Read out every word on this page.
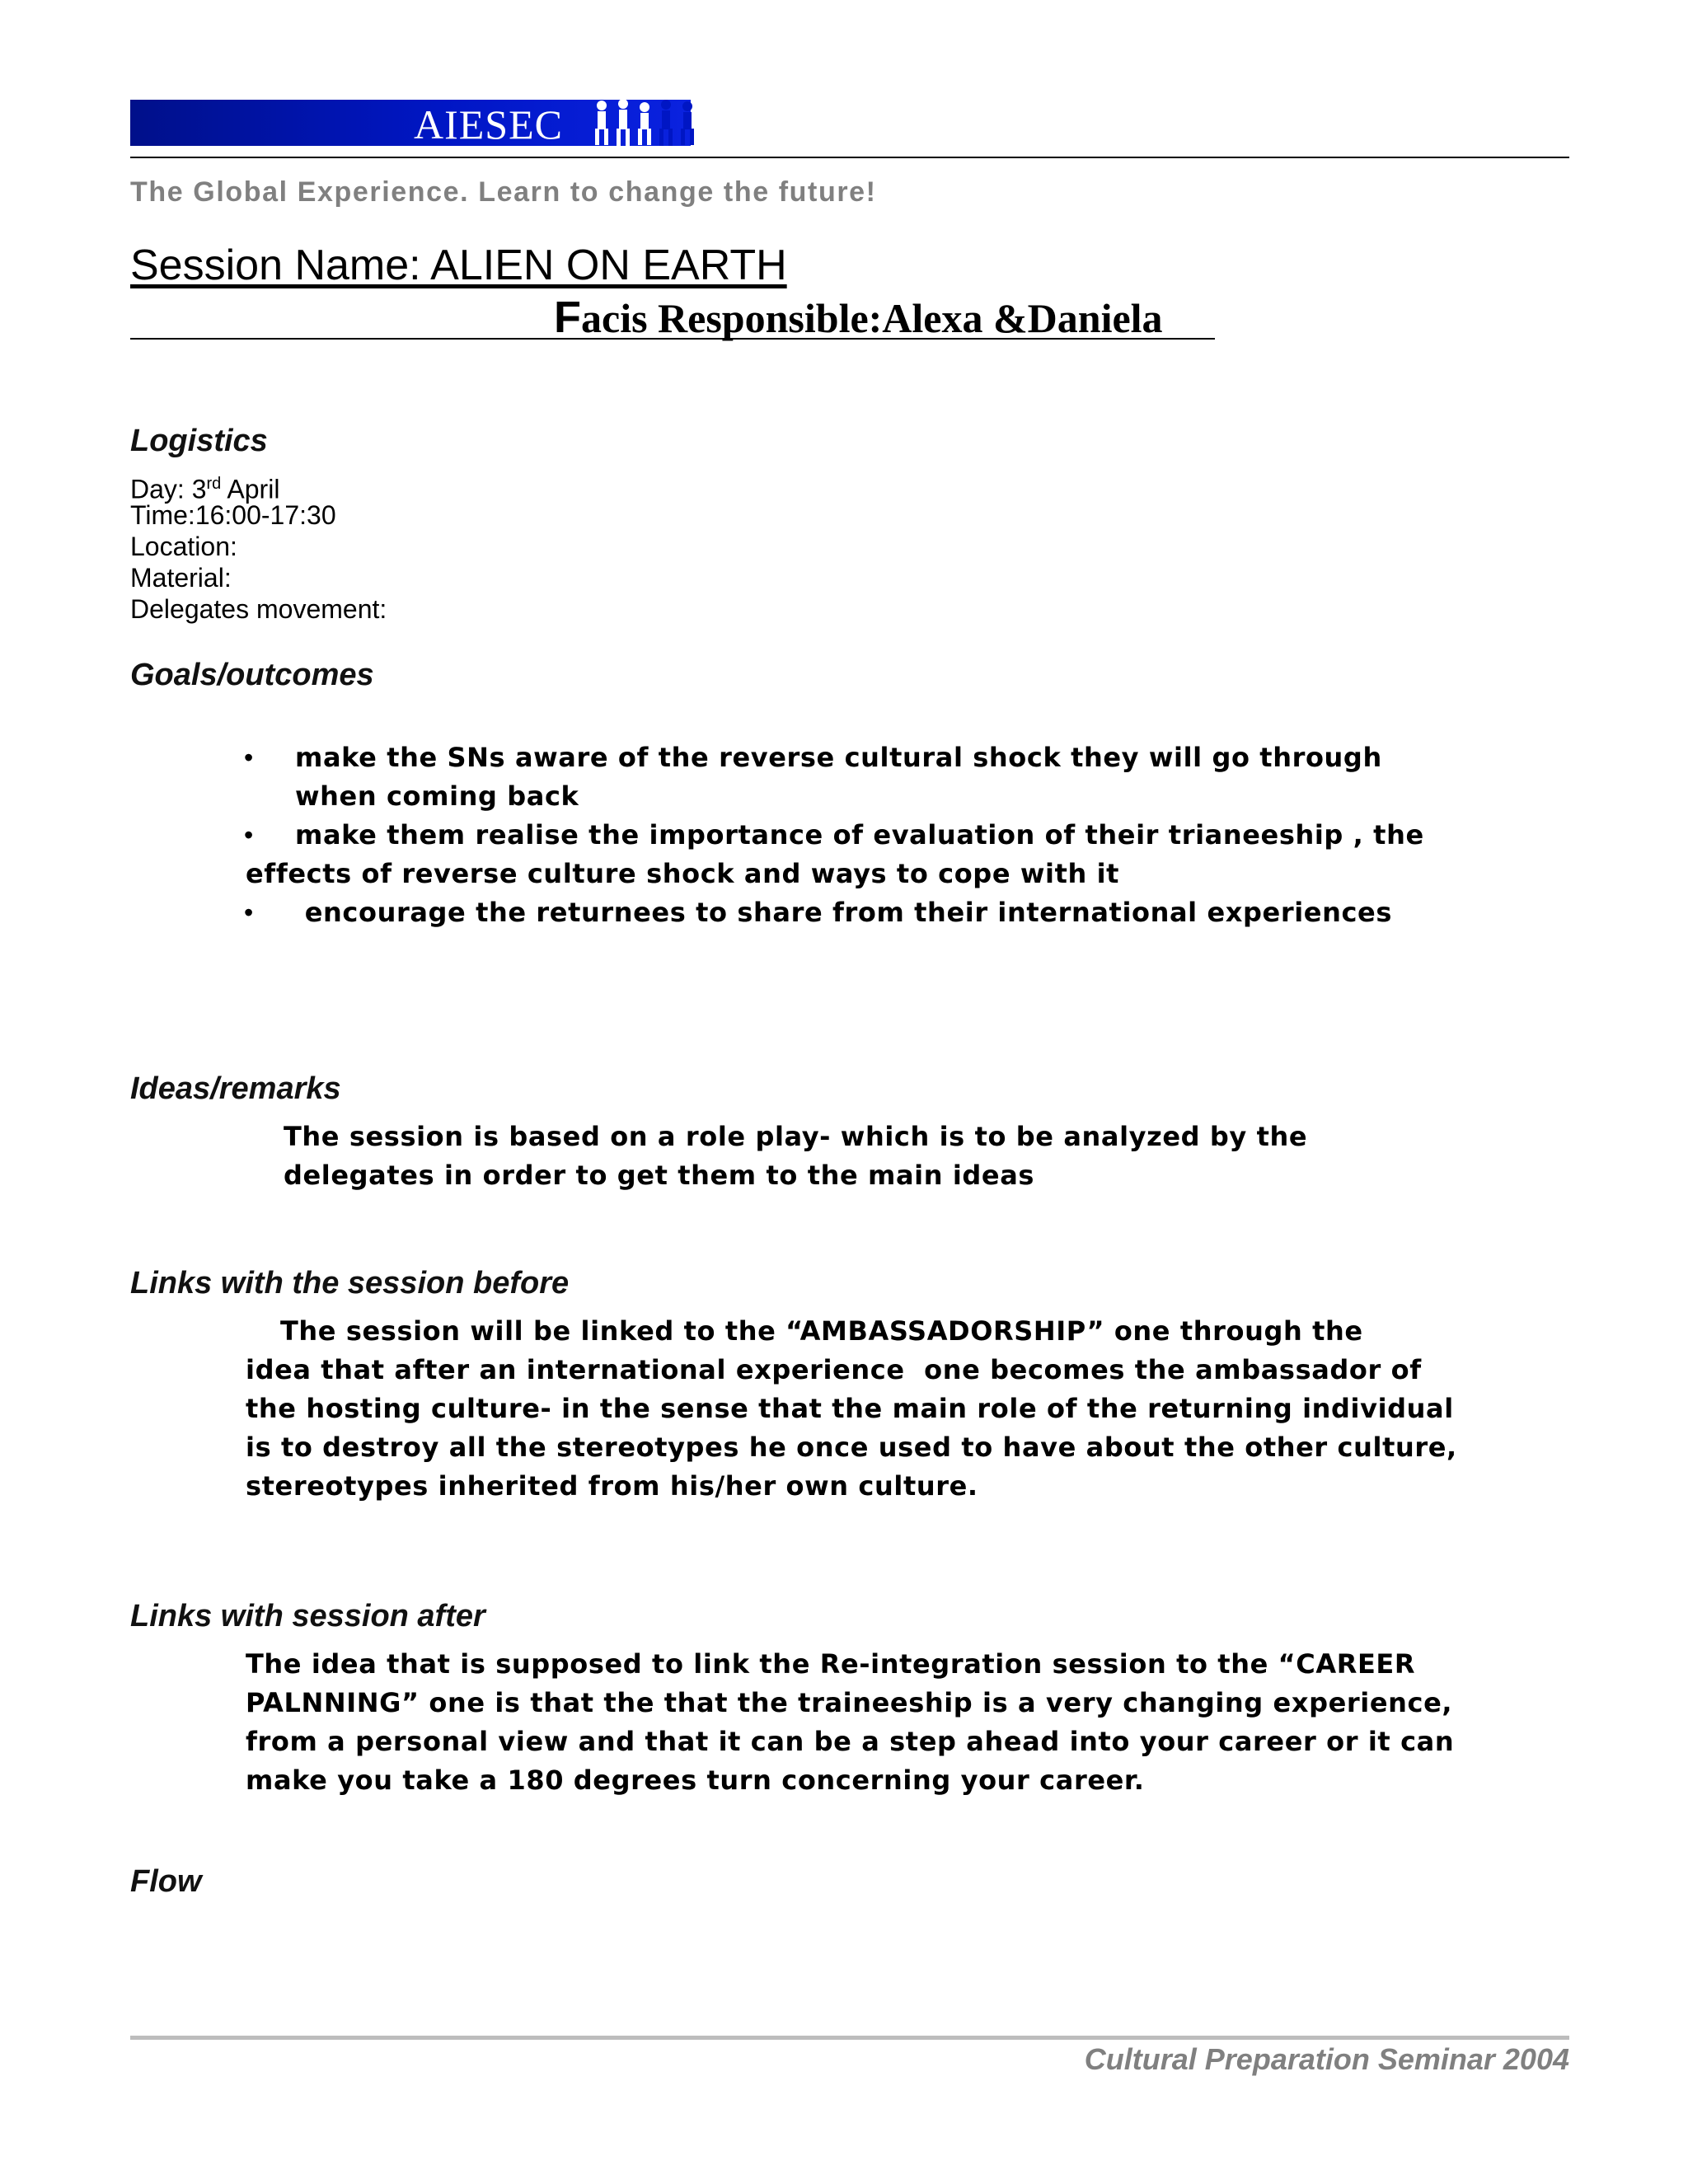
AIESEC
The Global Experience. Learn to change the future!
Session Name: ALIEN ON EARTH
Facis Responsible:Alexa &Daniela
Logistics
Day: 3rd April
Time:16:00-17:30
Location:
Material:
Delegates movement:
Goals/outcomes
• make the SNs aware of the reverse cultural shock they will go through
when coming back
• make them realise the importance of evaluation of their trianeeship , the
effects of reverse culture shock and ways to cope with it
• encourage the returnees to share from their international experiences
Ideas/remarks
The session is based on a role play- which is to be analyzed by the
delegates in order to get them to the main ideas
Links with the session before
The session will be linked to the “AMBASSADORSHIP” one through the
idea that after an international experience  one becomes the ambassador of
the hosting culture- in the sense that the main role of the returning individual
is to destroy all the stereotypes he once used to have about the other culture,
stereotypes inherited from his/her own culture.
Links with session after
The idea that is supposed to link the Re-integration session to the “CAREER
PALNNING” one is that the that the traineeship is a very changing experience,
from a personal view and that it can be a step ahead into your career or it can
make you take a 180 degrees turn concerning your career.
Flow
Cultural Preparation Seminar 2004
